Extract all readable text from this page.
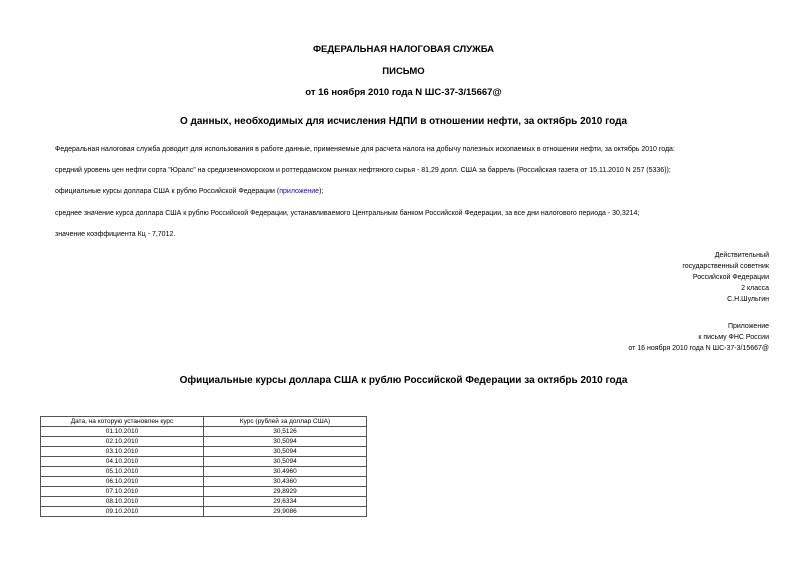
ФЕДЕРАЛЬНАЯ НАЛОГОВАЯ СЛУЖБА
ПИСЬМО
от 16 ноября 2010 года N ШС-37-3/15667@
О данных, необходимых для исчисления НДПИ в отношении нефти, за октябрь 2010 года
Федеральная налоговая служба доводит для использования в работе данные, применяемые для расчета налога на добычу полезных ископаемых в отношении нефти, за октябрь 2010 года:
средний уровень цен нефти сорта "Юралс" на средиземноморском и роттердамском рынках нефтяного сырья - 81,29 долл. США за баррель (Российская газета от 15.11.2010 N 257 (5336));
официальные курсы доллара США к рублю Российской Федерации (приложение);
среднее значение курса доллара США к рублю Российской Федерации, устанавливаемого Центральным банком Российской Федерации, за все дни налогового периода - 30,3214;
значение коэффициента Кц - 7,7012.
Действительный
государственный советник
Российской Федерации
2 класса
С.Н.Шульгин
Приложение
к письму ФНС России
от 16 ноября 2010 года N ШС-37-3/15667@
Официальные курсы доллара США к рублю Российской Федерации за октябрь 2010 года
Дата, на которую установлен курс	Курс (рублей за доллар США)
01.10.2010	30,5126
02.10.2010	30,5094
03.10.2010	30,5094
04.10.2010	30,5094
05.10.2010	30,4960
06.10.2010	30,4360
07.10.2010	29,8929
08.10.2010	29,6334
09.10.2010	29,9086
